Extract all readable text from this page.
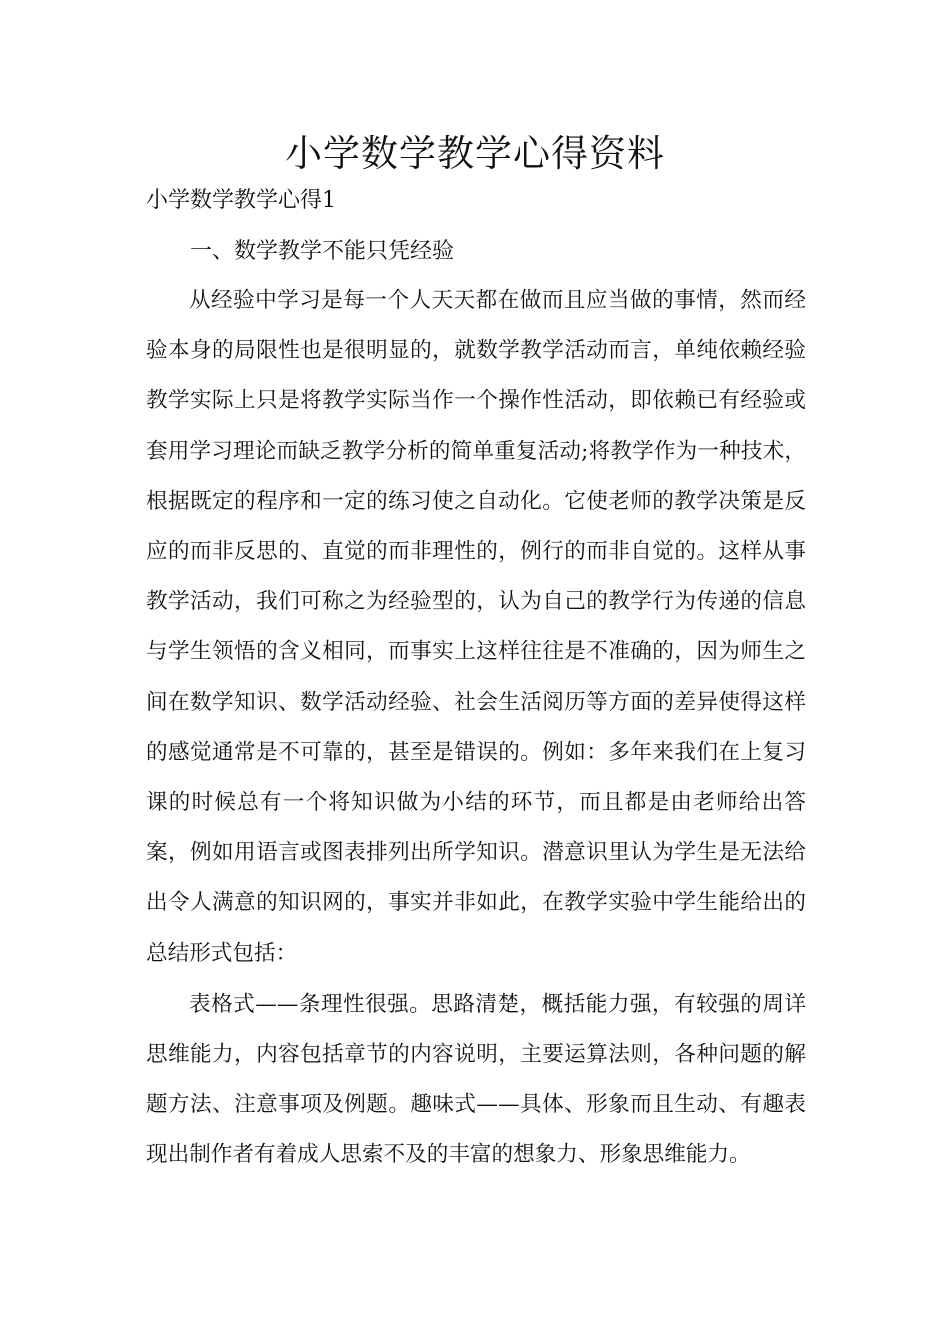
小学数学教学心得资料

小学数学教学心得1

一、数学教学不能只凭经验

从经验中学习是每一个人天天都在做而且应当做的事情，然而经验本身的局限性也是很明显的，就数学教学活动而言，单纯依赖经验教学实际上只是将教学实际当作一个操作性活动，即依赖已有经验或套用学习理论而缺乏教学分析的简单重复活动;将教学作为一种技术，根据既定的程序和一定的练习使之自动化。它使老师的教学决策是反应的而非反思的、直觉的而非理性的，例行的而非自觉的。这样从事教学活动，我们可称之为经验型的，认为自己的教学行为传递的信息与学生领悟的含义相同，而事实上这样往往是不准确的，因为师生之间在数学知识、数学活动经验、社会生活阅历等方面的差异使得这样的感觉通常是不可靠的，甚至是错误的。例如：多年来我们在上复习课的时候总有一个将知识做为小结的环节，而且都是由老师给出答案，例如用语言或图表排列出所学知识。潜意识里认为学生是无法给出令人满意的知识网的，事实并非如此，在教学实验中学生能给出的总结形式包括：

表格式——条理性很强。思路清楚，概括能力强，有较强的周详思维能力，内容包括章节的内容说明，主要运算法则，各种问题的解题方法、注意事项及例题。趣味式——具体、形象而且生动、有趣表现出制作者有着成人思索不及的丰富的想象力、形象思维能力。
